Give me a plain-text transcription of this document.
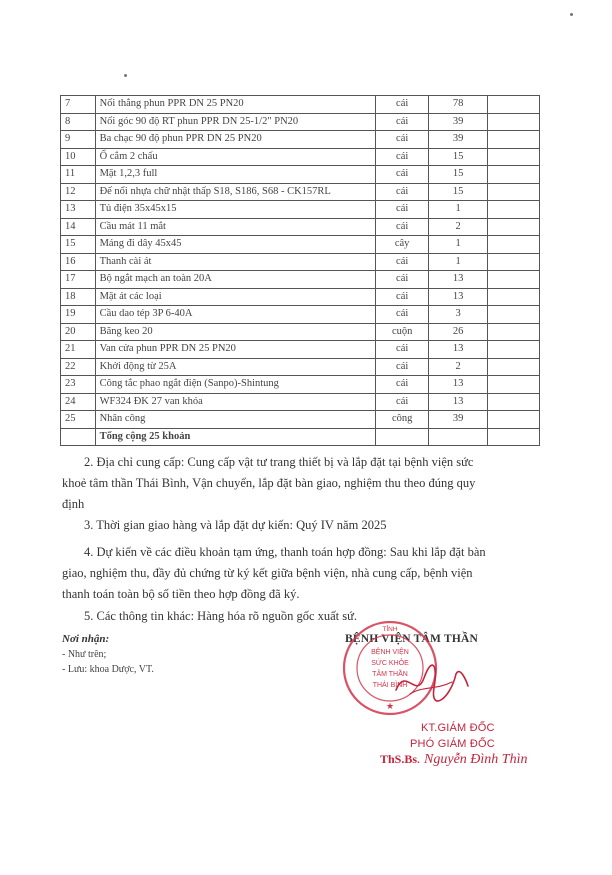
7	Nối thẳng phun PPR DN 25 PN20	cái	78	
8	Nối góc 90 độ RT phun PPR DN 25-1/2" PN20	cái	39	
9	Ba chạc 90 độ phun PPR DN 25 PN20	cái	39	
10	Ổ cắm 2 chấu	cái	15	
11	Mặt 1,2,3 full	cái	15	
12	Đế nổi nhựa chữ nhật thấp S18, S186, S68 - CK157RL	cái	15	
13	Tủ điện 35x45x15	cái	1	
14	Cầu mát 11 mắt	cái	2	
15	Máng đi dây 45x45	cây	1	
16	Thanh cài át	cái	1	
17	Bộ ngắt mạch an toàn 20A	cái	13	
18	Mặt át các loại	cái	13	
19	Cầu dao tép 3P 6-40A	cái	3	
20	Băng keo 20	cuộn	26	
21	Van cửa phun PPR DN 25 PN20	cái	13	
22	Khởi động từ 25A	cái	2	
23	Công tắc phao ngắt điện (Sanpo)-Shintung	cái	13	
24	WF324 ĐK 27 van khóa	cái	13	
25	Nhân công	công	39	
	Tổng cộng 25 khoản			
2. Địa chỉ cung cấp: Cung cấp vật tư trang thiết bị và lắp đặt tại bệnh viện sức
khoẻ tâm thần Thái Bình, Vận chuyển, lắp đặt bàn giao, nghiệm thu theo đúng quy
định
3. Thời gian giao hàng và lắp đặt dự kiến: Quý IV năm 2025
4. Dự kiến về các điều khoản tạm ứng, thanh toán hợp đồng: Sau khi lắp đặt bàn
giao, nghiệm thu, đầy đủ chứng từ ký kết giữa bệnh viện, nhà cung cấp, bệnh viện
thanh toán toàn bộ số tiền theo hợp đồng đã ký.
5. Các thông tin khác: Hàng hóa rõ nguồn gốc xuất sứ.
Nơi nhận:
- Như trên;
- Lưu: khoa Dược, VT.
BỆNH VIỆN TÂM THẦN
TỈNH
BỆNH VIỆN
SỨC KHỎE
TÂM THẦN
THÁI BÌNH
★
KT.GIÁM ĐỐC
PHÓ GIÁM ĐỐC
ThS.Bs. Nguyễn Đình Thìn
